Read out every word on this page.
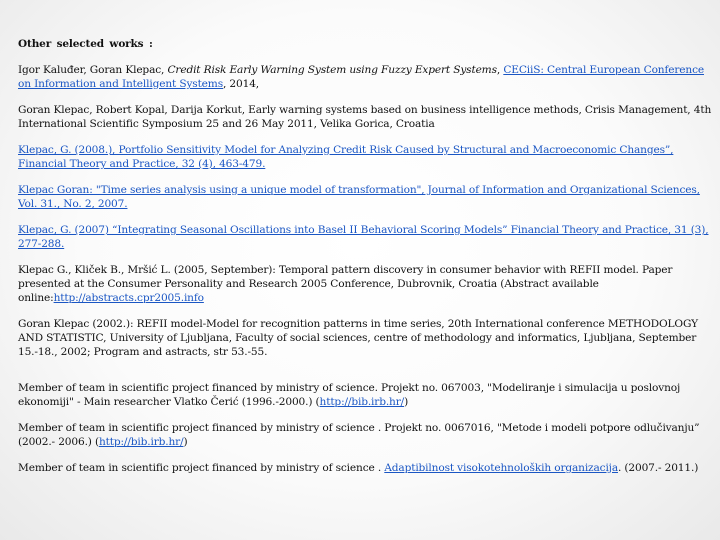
Other selected works :
Igor Kaluđer, Goran Klepac, Credit Risk Early Warning System using Fuzzy Expert Systems, CECiiS: Central European Conference on Information and Intelligent Systems, 2014,
Goran Klepac, Robert Kopal, Darija Korkut, Early warning systems based on business intelligence methods, Crisis Management, 4th International Scientific Symposium 25 and 26 May 2011, Velika Gorica, Croatia
Klepac, G. (2008.), Portfolio Sensitivity Model for Analyzing Credit Risk Caused by Structural and Macroeconomic Changes”, Financial Theory and Practice, 32 (4), 463-479.
Klepac Goran: "Time series analysis using a unique model of transformation", Journal of Information and Organizational Sciences, Vol. 31., No. 2, 2007.
Klepac, G. (2007) “Integrating Seasonal Oscillations into Basel II Behavioral Scoring Models” Financial Theory and Practice, 31 (3), 277-288.
Klepac G., Kliček B., Mršić L. (2005, September): Temporal pattern discovery in consumer behavior with REFII model. Paper presented at the Consumer Personality and Research 2005 Conference, Dubrovnik, Croatia (Abstract available online:http://abstracts.cpr2005.info
Goran Klepac (2002.): REFII model-Model for recognition patterns in time series, 20th International conference METHODOLOGY AND STATISTIC, University of Ljubljana, Faculty of social sciences, centre of methodology and informatics, Ljubljana, September 15.-18., 2002; Program and astracts, str 53.-55.
Member of team in scientific project financed by ministry of science. Projekt no. 067003, "Modeliranje i simulacija u poslovnoj ekonomiji" - Main researcher Vlatko Čerić (1996.-2000.) (http://bib.irb.hr/)
Member of team in scientific project financed by ministry of science . Projekt no. 0067016, "Metode i modeli potpore odlučivanju” (2002.- 2006.) (http://bib.irb.hr/)
Member of team in scientific project financed by ministry of science . Adaptibilnost visokotehnoloških organizacija. (2007.- 2011.)
